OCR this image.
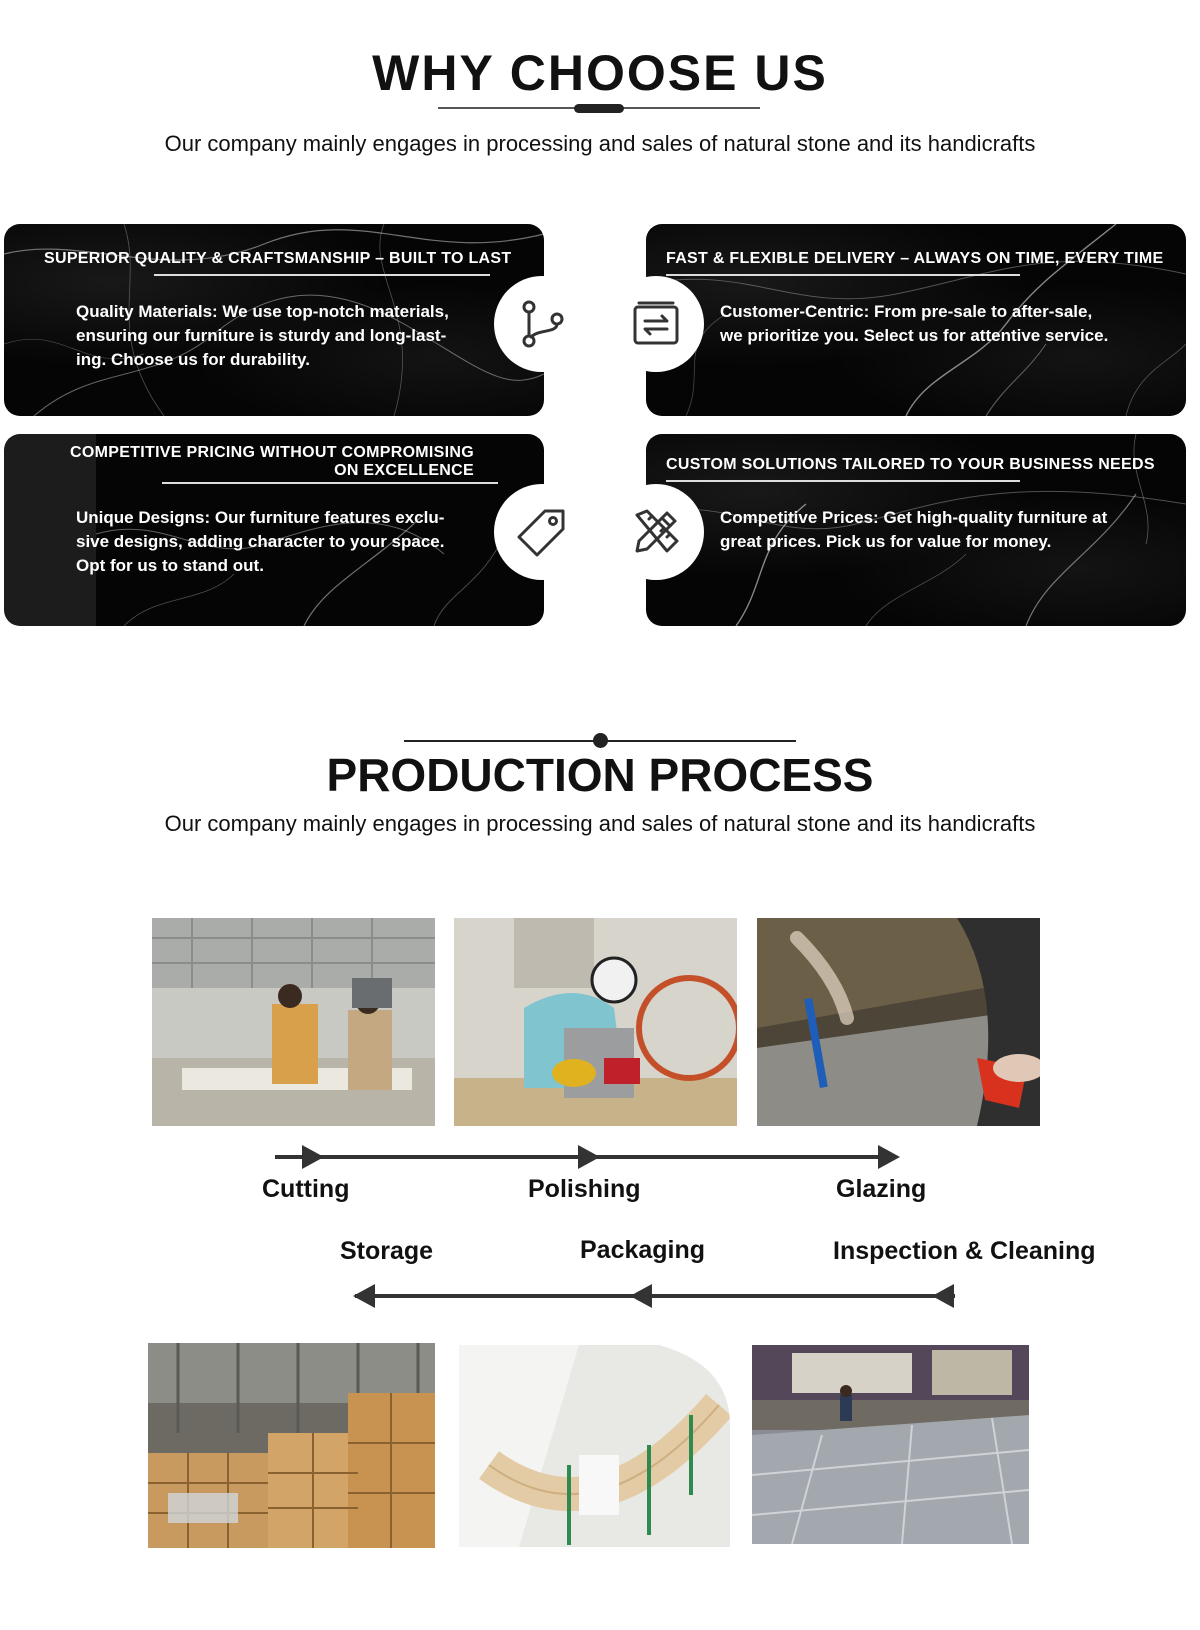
WHY CHOOSE US
Our company mainly engages in processing and sales of natural stone and its handicrafts
SUPERIOR QUALITY & CRAFTSMANSHIP – BUILT TO LAST
Quality Materials: We use top-notch materials,
ensuring our furniture is sturdy and long-last-
ing. Choose us for durability.
FAST & FLEXIBLE DELIVERY – ALWAYS ON TIME, EVERY TIME
Customer-Centric: From pre-sale to after-sale,
we prioritize you. Select us for attentive service.
COMPETITIVE PRICING WITHOUT COMPROMISING
ON EXCELLENCE
Unique Designs: Our furniture features exclu-
sive designs, adding character to your space.
Opt for us to stand out.
CUSTOM SOLUTIONS TAILORED TO YOUR BUSINESS NEEDS
Competitive Prices: Get high-quality furniture at
great prices. Pick us for value for money.
PRODUCTION PROCESS
Our company mainly engages in processing and sales of natural stone and its handicrafts
Cutting	Polishing	Glazing
Storage	Packaging	Inspection & Cleaning
